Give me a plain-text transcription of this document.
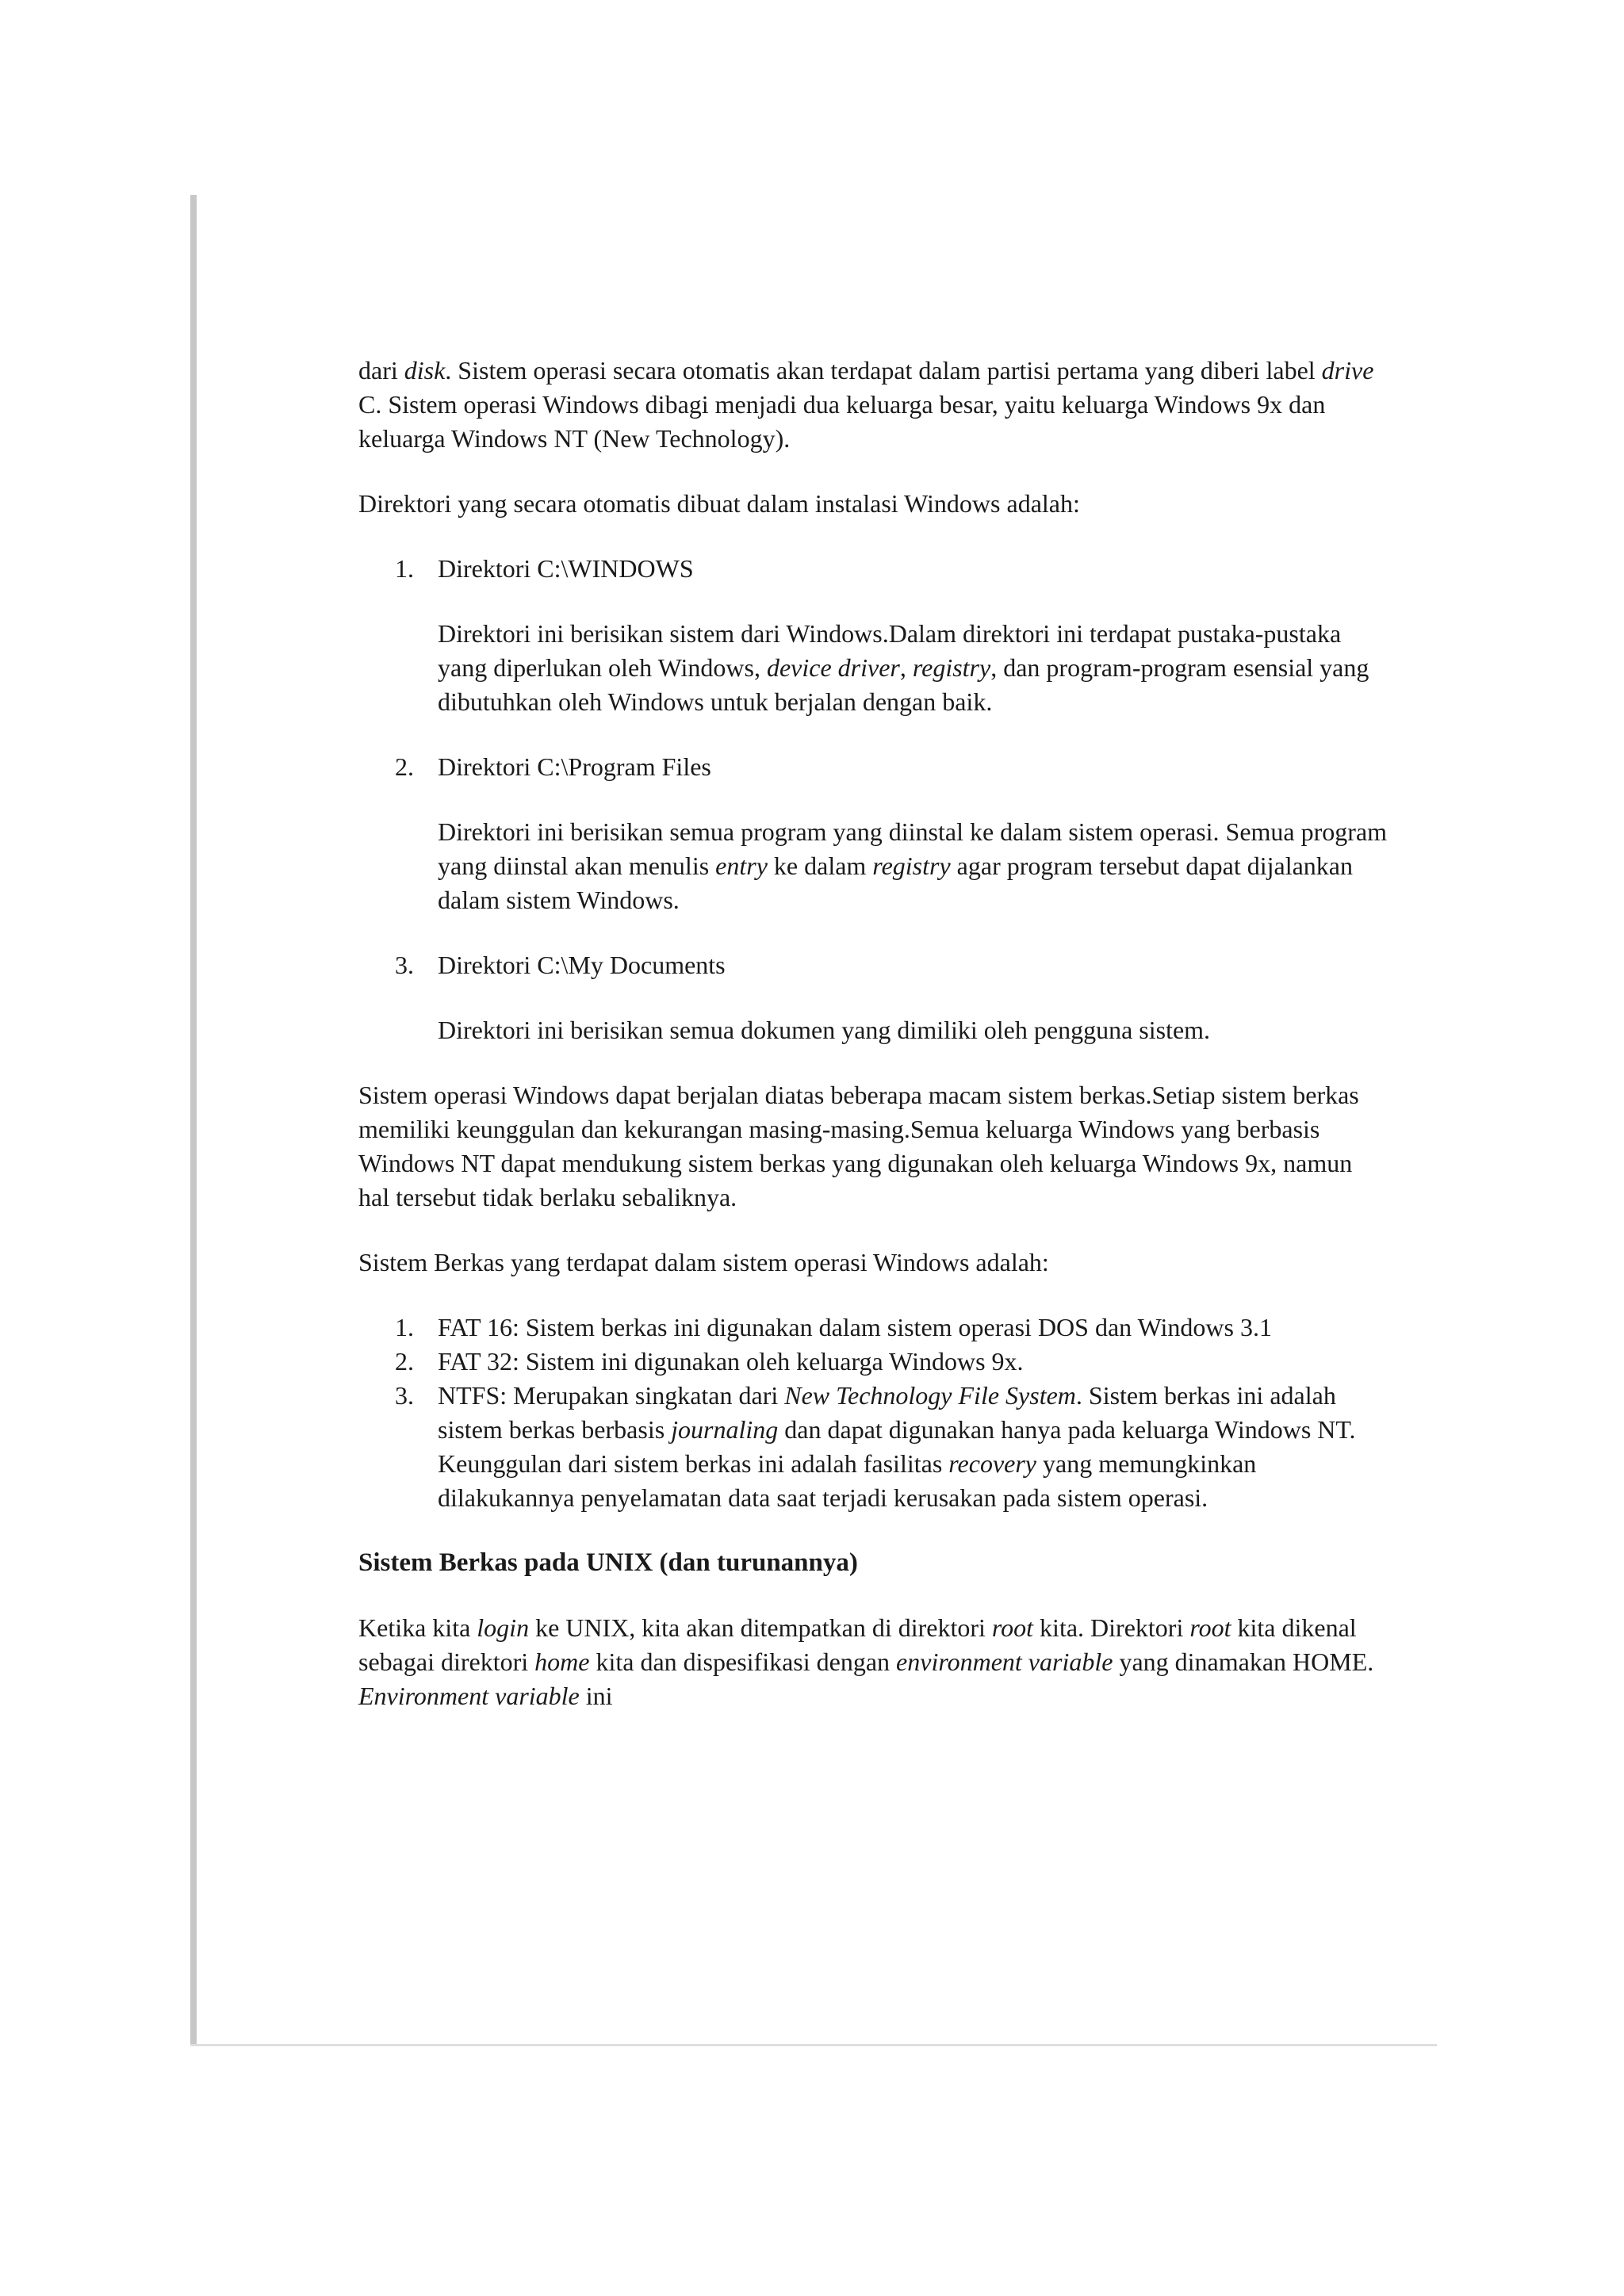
dari disk. Sistem operasi secara otomatis akan terdapat dalam partisi pertama yang diberi label drive C. Sistem operasi Windows dibagi menjadi dua keluarga besar, yaitu keluarga Windows 9x dan keluarga Windows NT (New Technology).

Direktori yang secara otomatis dibuat dalam instalasi Windows adalah:

1. Direktori C:\WINDOWS

Direktori ini berisikan sistem dari Windows.Dalam direktori ini terdapat pustaka-pustaka yang diperlukan oleh Windows, device driver, registry, dan program-program esensial yang dibutuhkan oleh Windows untuk berjalan dengan baik.

2. Direktori C:\Program Files

Direktori ini berisikan semua program yang diinstal ke dalam sistem operasi. Semua program yang diinstal akan menulis entry ke dalam registry agar program tersebut dapat dijalankan dalam sistem Windows.

3. Direktori C:\My Documents

Direktori ini berisikan semua dokumen yang dimiliki oleh pengguna sistem.

Sistem operasi Windows dapat berjalan diatas beberapa macam sistem berkas.Setiap sistem berkas memiliki keunggulan dan kekurangan masing-masing.Semua keluarga Windows yang berbasis Windows NT dapat mendukung sistem berkas yang digunakan oleh keluarga Windows 9x, namun hal tersebut tidak berlaku sebaliknya.

Sistem Berkas yang terdapat dalam sistem operasi Windows adalah:

1. FAT 16: Sistem berkas ini digunakan dalam sistem operasi DOS dan Windows 3.1

2. FAT 32: Sistem ini digunakan oleh keluarga Windows 9x.

3. NTFS: Merupakan singkatan dari New Technology File System. Sistem berkas ini adalah sistem berkas berbasis journaling dan dapat digunakan hanya pada keluarga Windows NT. Keunggulan dari sistem berkas ini adalah fasilitas recovery yang memungkinkan dilakukannya penyelamatan data saat terjadi kerusakan pada sistem operasi.

Sistem Berkas pada UNIX (dan turunannya)

Ketika kita login ke UNIX, kita akan ditempatkan di direktori root kita. Direktori root kita dikenal sebagai direktori home kita dan dispesifikasi dengan environment variable yang dinamakan HOME. Environment variable ini
